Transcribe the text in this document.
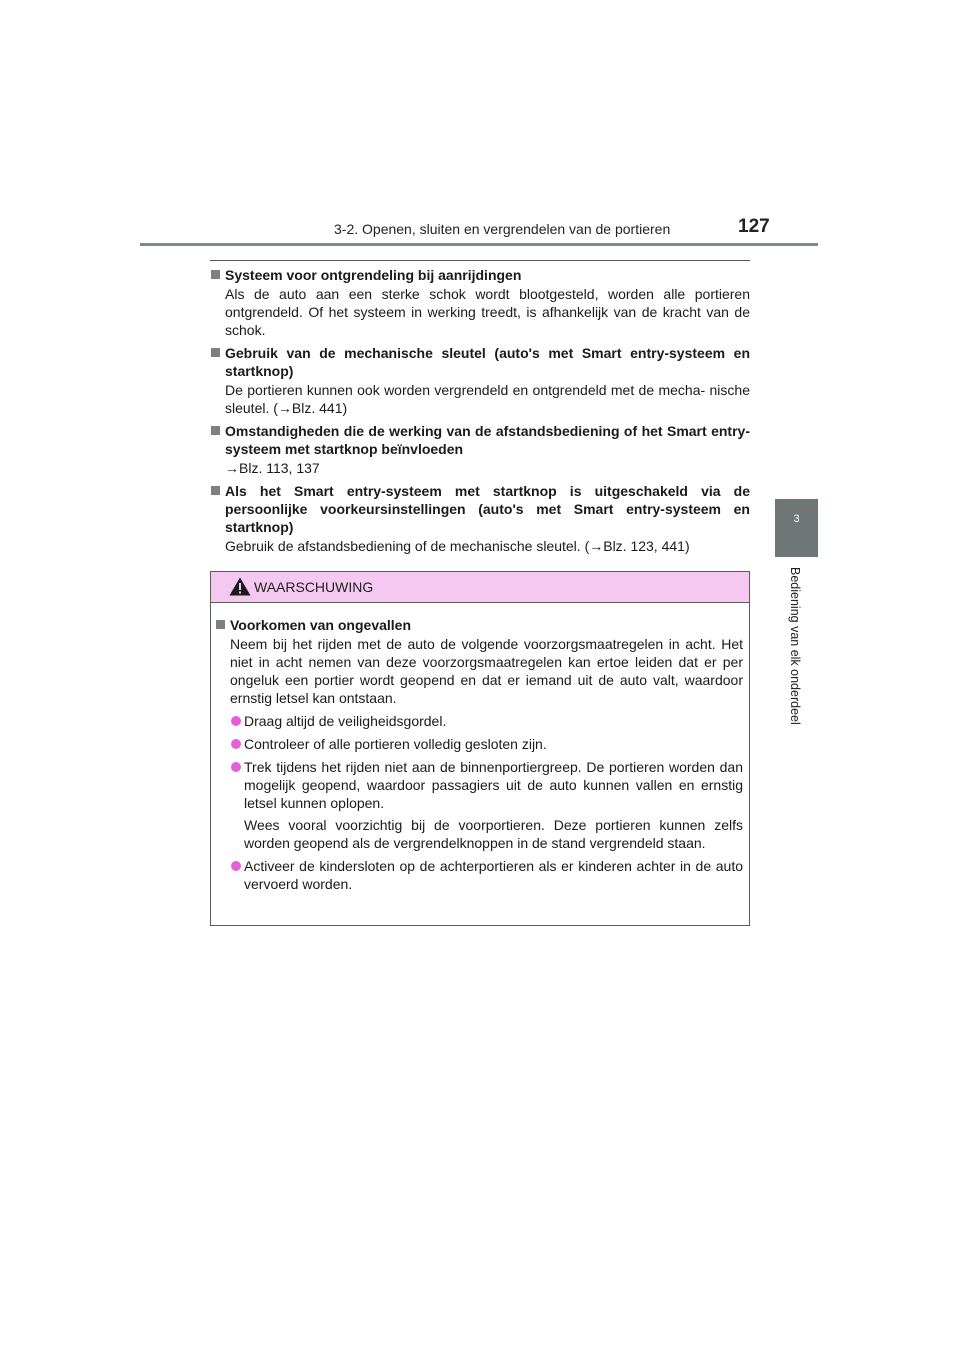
3-2. Openen, sluiten en vergrendelen van de portieren	127
3
Bediening van elk onderdeel
Systeem voor ontgrendeling bij aanrijdingen
Als de auto aan een sterke schok wordt blootgesteld, worden alle portieren ontgrendeld. Of het systeem in werking treedt, is afhankelijk van de kracht van de schok.
Gebruik van de mechanische sleutel (auto's met Smart entry-systeem en startknop)
De portieren kunnen ook worden vergrendeld en ontgrendeld met de mecha- nische sleutel. (→Blz. 441)
Omstandigheden die de werking van de afstandsbediening of het Smart entry-systeem met startknop beïnvloeden
→Blz. 113, 137
Als het Smart entry-systeem met startknop is uitgeschakeld via de persoonlijke voorkeursinstellingen (auto's met Smart entry-systeem en startknop)
Gebruik de afstandsbediening of de mechanische sleutel. (→Blz. 123, 441)
WAARSCHUWING
Voorkomen van ongevallen
Neem bij het rijden met de auto de volgende voorzorgsmaatregelen in acht. Het niet in acht nemen van deze voorzorgsmaatregelen kan ertoe leiden dat er per ongeluk een portier wordt geopend en dat er iemand uit de auto valt, waardoor ernstig letsel kan ontstaan.
Draag altijd de veiligheidsgordel.
Controleer of alle portieren volledig gesloten zijn.
Trek tijdens het rijden niet aan de binnenportiergreep. De portieren worden dan mogelijk geopend, waardoor passagiers uit de auto kunnen vallen en ernstig letsel kunnen oplopen.
Wees vooral voorzichtig bij de voorportieren. Deze portieren kunnen zelfs worden geopend als de vergrendelknoppen in de stand vergrendeld staan.
Activeer de kindersloten op de achterportieren als er kinderen achter in de auto vervoerd worden.
